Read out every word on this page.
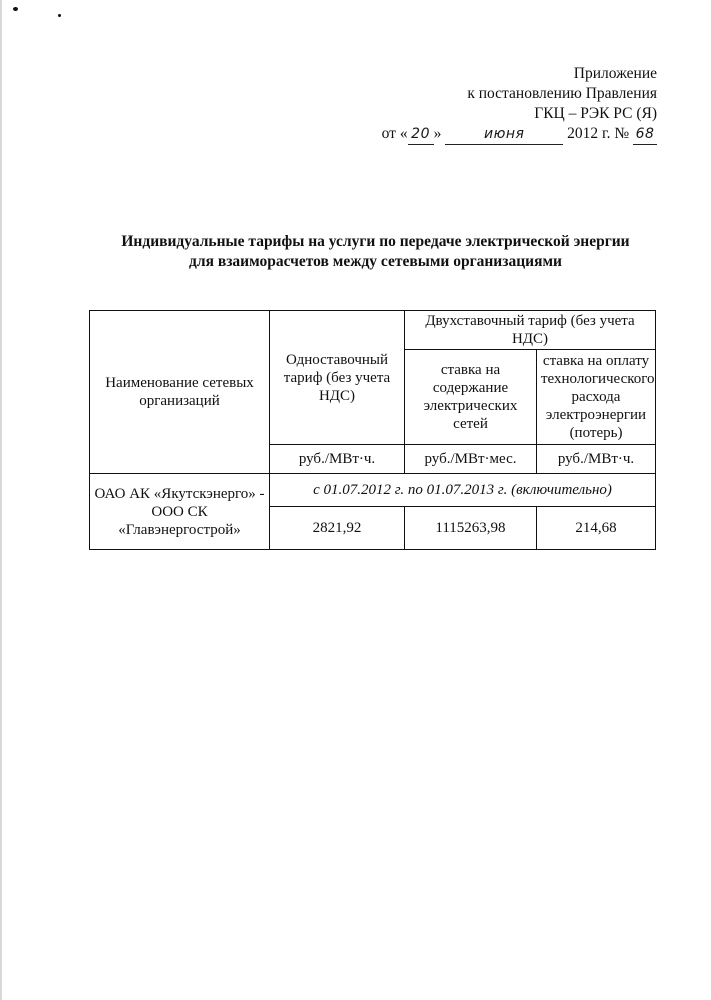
Приложение
к постановлению Правления
ГКЦ – РЭК РС (Я)
от « 20 »	июня	2012 г. № 68
Индивидуальные тарифы на услуги по передаче электрической энергии
для взаиморасчетов между сетевыми организациями
Наименование сетевых организаций	Одноставочный тариф (без учета НДС)	Двухставочный тариф (без учета НДС)	
		ставка на содержание электрических сетей	ставка на оплату технологического расхода электроэнергии (потерь)
	руб./МВт·ч.	руб./МВт·мес.	руб./МВт·ч.
ОАО АК «Якутскэнерго» - ООО СК «Главэнергострой»	с 01.07.2012 г. по 01.07.2013 г. (включительно)		
	2821,92	1115263,98	214,68
